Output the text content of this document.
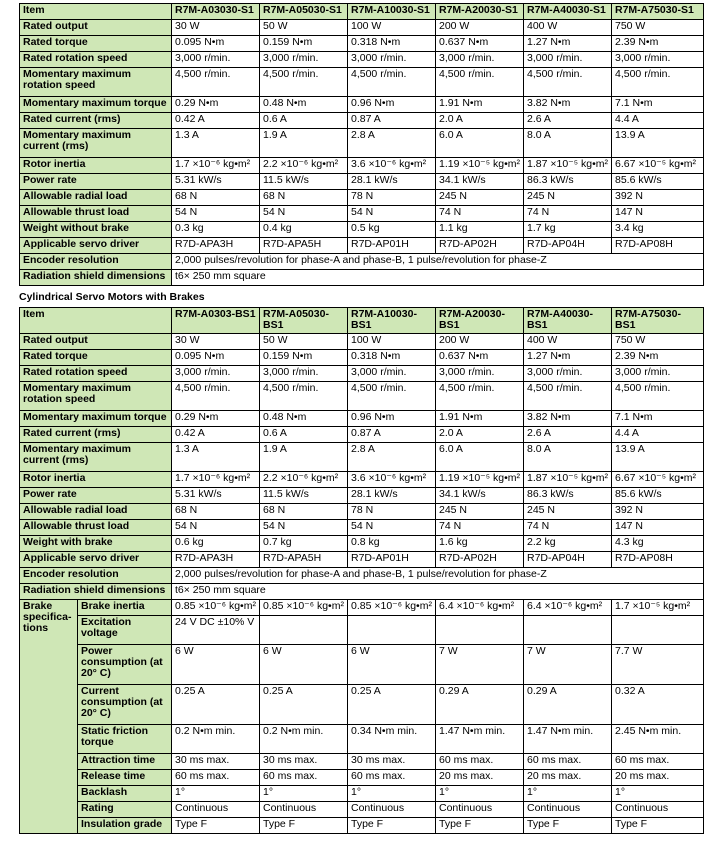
Item	R7M-A03030-S1	R7M-A05030-S1	R7M-A10030-S1	R7M-A20030-S1	R7M-A40030-S1	R7M-A75030-S1
Rated output	30 W	50 W	100 W	200 W	400 W	750 W
Rated torque	0.095 N•m	0.159 N•m	0.318 N•m	0.637 N•m	1.27 N•m	2.39 N•m
Rated rotation speed	3,000 r/min.	3,000 r/min.	3,000 r/min.	3,000 r/min.	3,000 r/min.	3,000 r/min.
Momentary maximum rotation speed	4,500 r/min.	4,500 r/min.	4,500 r/min.	4,500 r/min.	4,500 r/min.	4,500 r/min.
Momentary maximum torque	0.29 N•m	0.48 N•m	0.96 N•m	1.91 N•m	3.82 N•m	7.1 N•m
Rated current (rms)	0.42 A	0.6 A	0.87 A	2.0 A	2.6 A	4.4 A
Momentary maximum current (rms)	1.3 A	1.9 A	2.8 A	6.0 A	8.0 A	13.9 A
Rotor inertia	1.7 ×10⁻⁶ kg•m²	2.2 ×10⁻⁶ kg•m²	3.6 ×10⁻⁶ kg•m²	1.19 ×10⁻⁵ kg•m²	1.87 ×10⁻⁵ kg•m²	6.67 ×10⁻⁵ kg•m²
Power rate	5.31 kW/s	11.5 kW/s	28.1 kW/s	34.1 kW/s	86.3 kW/s	85.6 kW/s
Allowable radial load	68 N	68 N	78 N	245 N	245 N	392 N
Allowable thrust load	54 N	54 N	54 N	74 N	74 N	147 N
Weight without brake	0.3 kg	0.4 kg	0.5 kg	1.1 kg	1.7 kg	3.4 kg
Applicable servo driver	R7D-APA3H	R7D-APA5H	R7D-AP01H	R7D-AP02H	R7D-AP04H	R7D-AP08H
Encoder resolution	2,000 pulses/revolution for phase-A and phase-B, 1 pulse/revolution for phase-Z					
Radiation shield dimensions	t6× 250 mm square					
Cylindrical Servo Motors with Brakes
Item		R7M-A0303-BS1	R7M-A05030-BS1	R7M-A10030-BS1	R7M-A20030-BS1	R7M-A40030-BS1	R7M-A75030-BS1
Rated output		30 W	50 W	100 W	200 W	400 W	750 W
Rated torque		0.095 N•m	0.159 N•m	0.318 N•m	0.637 N•m	1.27 N•m	2.39 N•m
Rated rotation speed		3,000 r/min.	3,000 r/min.	3,000 r/min.	3,000 r/min.	3,000 r/min.	3,000 r/min.
Momentary maximum rotation speed		4,500 r/min.	4,500 r/min.	4,500 r/min.	4,500 r/min.	4,500 r/min.	4,500 r/min.
Momentary maximum torque		0.29 N•m	0.48 N•m	0.96 N•m	1.91 N•m	3.82 N•m	7.1 N•m
Rated current (rms)		0.42 A	0.6 A	0.87 A	2.0 A	2.6 A	4.4 A
Momentary maximum current (rms)		1.3 A	1.9 A	2.8 A	6.0 A	8.0 A	13.9 A
Rotor inertia		1.7 ×10⁻⁶ kg•m²	2.2 ×10⁻⁶ kg•m²	3.6 ×10⁻⁶ kg•m²	1.19 ×10⁻⁵ kg•m²	1.87 ×10⁻⁵ kg•m²	6.67 ×10⁻⁵ kg•m²
Power rate		5.31 kW/s	11.5 kW/s	28.1 kW/s	34.1 kW/s	86.3 kW/s	85.6 kW/s
Allowable radial load		68 N	68 N	78 N	245 N	245 N	392 N
Allowable thrust load		54 N	54 N	54 N	74 N	74 N	147 N
Weight with brake		0.6 kg	0.7 kg	0.8 kg	1.6 kg	2.2 kg	4.3 kg
Applicable servo driver		R7D-APA3H	R7D-APA5H	R7D-AP01H	R7D-AP02H	R7D-AP04H	R7D-AP08H
Encoder resolution		2,000 pulses/revolution for phase-A and phase-B, 1 pulse/revolution for phase-Z					
Radiation shield dimensions		t6× 250 mm square					
Brake specifica-tions	Brake inertia	0.85 ×10⁻⁶ kg•m²	0.85 ×10⁻⁶ kg•m²	0.85 ×10⁻⁶ kg•m²	6.4 ×10⁻⁶ kg•m²	6.4 ×10⁻⁶ kg•m²	1.7 ×10⁻⁵ kg•m²
	Excitation voltage	24 V DC ±10% V					
	Power consumption (at 20° C)	6 W	6 W	6 W	7 W	7 W	7.7 W
	Current consumption (at 20° C)	0.25 A	0.25 A	0.25 A	0.29 A	0.29 A	0.32 A
	Static friction torque	0.2 N•m min.	0.2 N•m min.	0.34 N•m min.	1.47 N•m min.	1.47 N•m min.	2.45 N•m min.
	Attraction time	30 ms max.	30 ms max.	30 ms max.	60 ms max.	60 ms max.	60 ms max.
	Release time	60 ms max.	60 ms max.	60 ms max.	20 ms max.	20 ms max.	20 ms max.
	Backlash	1°	1°	1°	1°	1°	1°
	Rating	Continuous	Continuous	Continuous	Continuous	Continuous	Continuous
	Insulation grade	Type F	Type F	Type F	Type F	Type F	Type F
